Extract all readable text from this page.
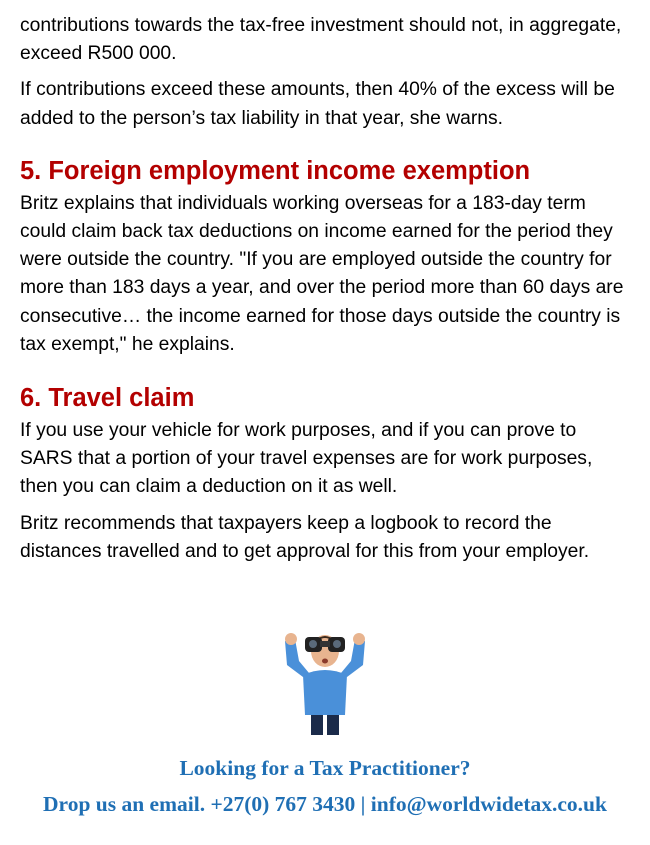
contributions towards the tax-free investment should not, in aggregate, exceed R500 000.

If contributions exceed these amounts, then 40% of the excess will be added to the person’s tax liability in that year, she warns.

5. Foreign employment income exemption

Britz explains that individuals working overseas for a 183-day term could claim back tax deductions on income earned for the period they were outside the country. "If you are employed outside the country for more than 183 days a year, and over the period more than 60 days are consecutive… the income earned for those days outside the country is tax exempt," he explains.

6. Travel claim

If you use your vehicle for work purposes, and if you can prove to SARS that a portion of your travel expenses are for work purposes, then you can claim a deduction on it as well.

Britz recommends that taxpayers keep a logbook to record the distances travelled and to get approval for this from your employer.

Looking for a Tax Practitioner?
Drop us an email. +27(0) 767 3430 | info@worldwidetax.co.uk
